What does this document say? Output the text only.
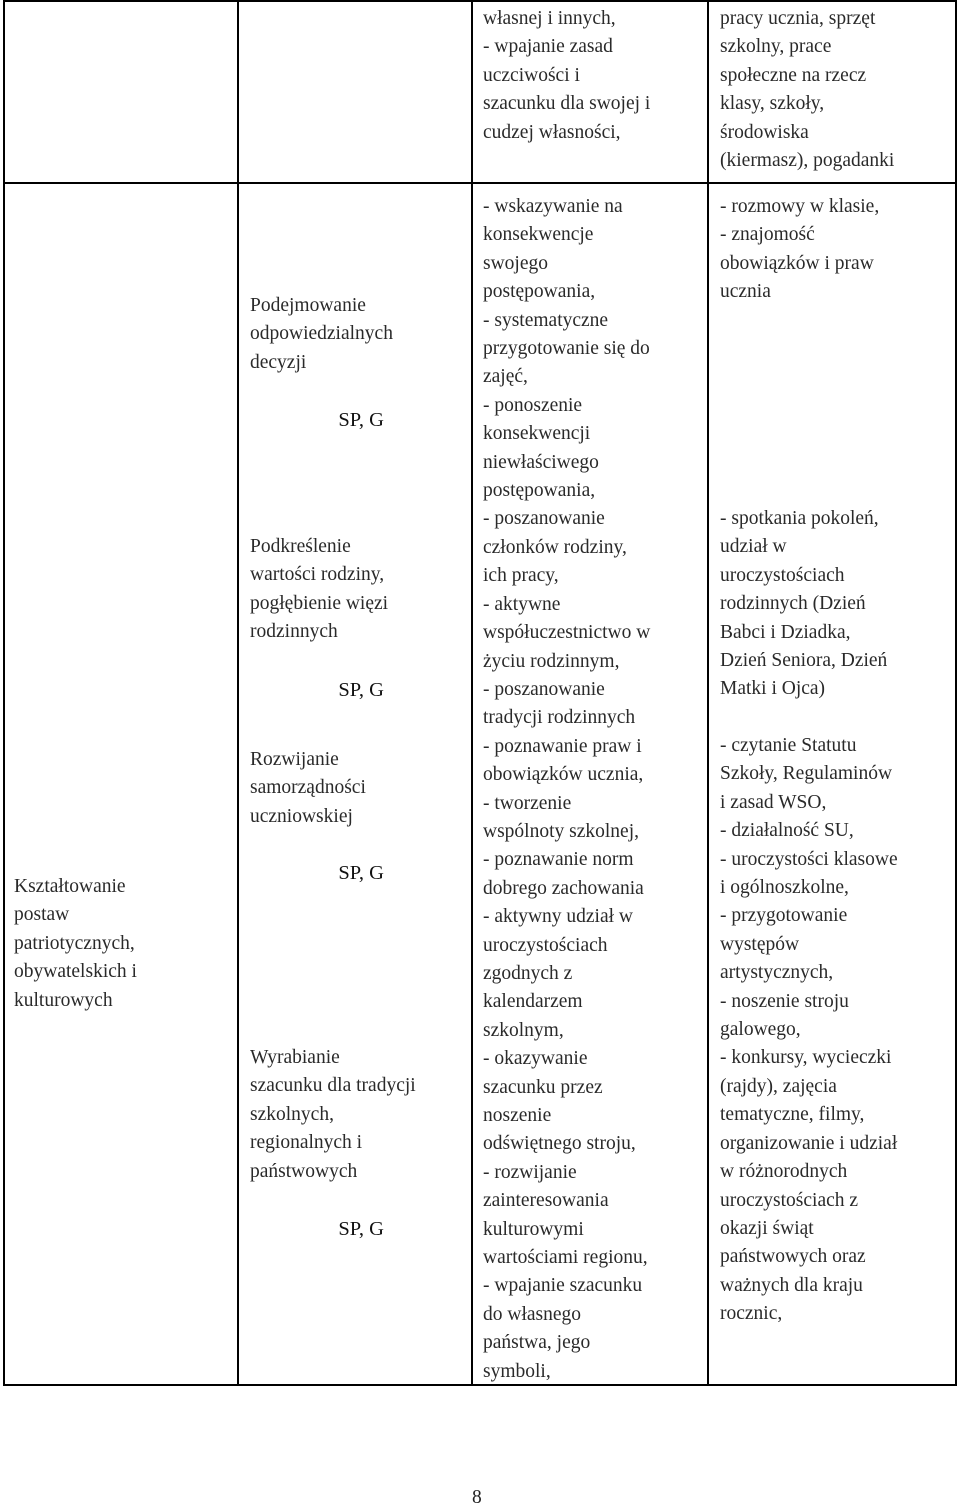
własnej i innych,
- wpajanie zasad
uczciwości i
szacunku dla swojej i
cudzej własności,
pracy ucznia, sprzęt
szkolny, prace
społeczne na rzecz
klasy, szkoły,
środowiska
(kiermasz), pogadanki
Kształtowanie
postaw
patriotycznych,
obywatelskich i
kulturowych
Podejmowanie
odpowiedzialnych
decyzji
SP, G
Podkreślenie
wartości rodziny,
pogłębienie więzi
rodzinnych
SP, G
Rozwijanie
samorządności
uczniowskiej
SP, G
Wyrabianie
szacunku dla tradycji
szkolnych,
regionalnych i
państwowych
SP, G
- wskazywanie na
konsekwencje
swojego
postępowania,
- systematyczne
przygotowanie się do
zajęć,
- ponoszenie
konsekwencji
niewłaściwego
postępowania,
- poszanowanie
członków rodziny,
ich pracy,
- aktywne
współuczestnictwo w
życiu rodzinnym,
- poszanowanie
tradycji rodzinnych
- poznawanie praw i
obowiązków ucznia,
- tworzenie
wspólnoty szkolnej,
- poznawanie norm
dobrego zachowania
- aktywny udział w
uroczystościach
zgodnych z
kalendarzem
szkolnym,
- okazywanie
szacunku przez
noszenie
odświętnego stroju,
- rozwijanie
zainteresowania
kulturowymi
wartościami regionu,
- wpajanie szacunku
do własnego
państwa, jego
symboli,
- rozmowy w klasie,
- znajomość
obowiązków i praw
ucznia
- spotkania pokoleń,
udział w
uroczystościach
rodzinnych (Dzień
Babci i Dziadka,
Dzień Seniora, Dzień
Matki i Ojca)
- czytanie Statutu
Szkoły, Regulaminów
i zasad WSO,
- działalność SU,
- uroczystości klasowe
i ogólnoszkolne,
- przygotowanie
występów
artystycznych,
- noszenie stroju
galowego,
- konkursy, wycieczki
(rajdy), zajęcia
tematyczne, filmy,
organizowanie i udział
w różnorodnych
uroczystościach z
okazji świąt
państwowych oraz
ważnych dla kraju
rocznic,
8
